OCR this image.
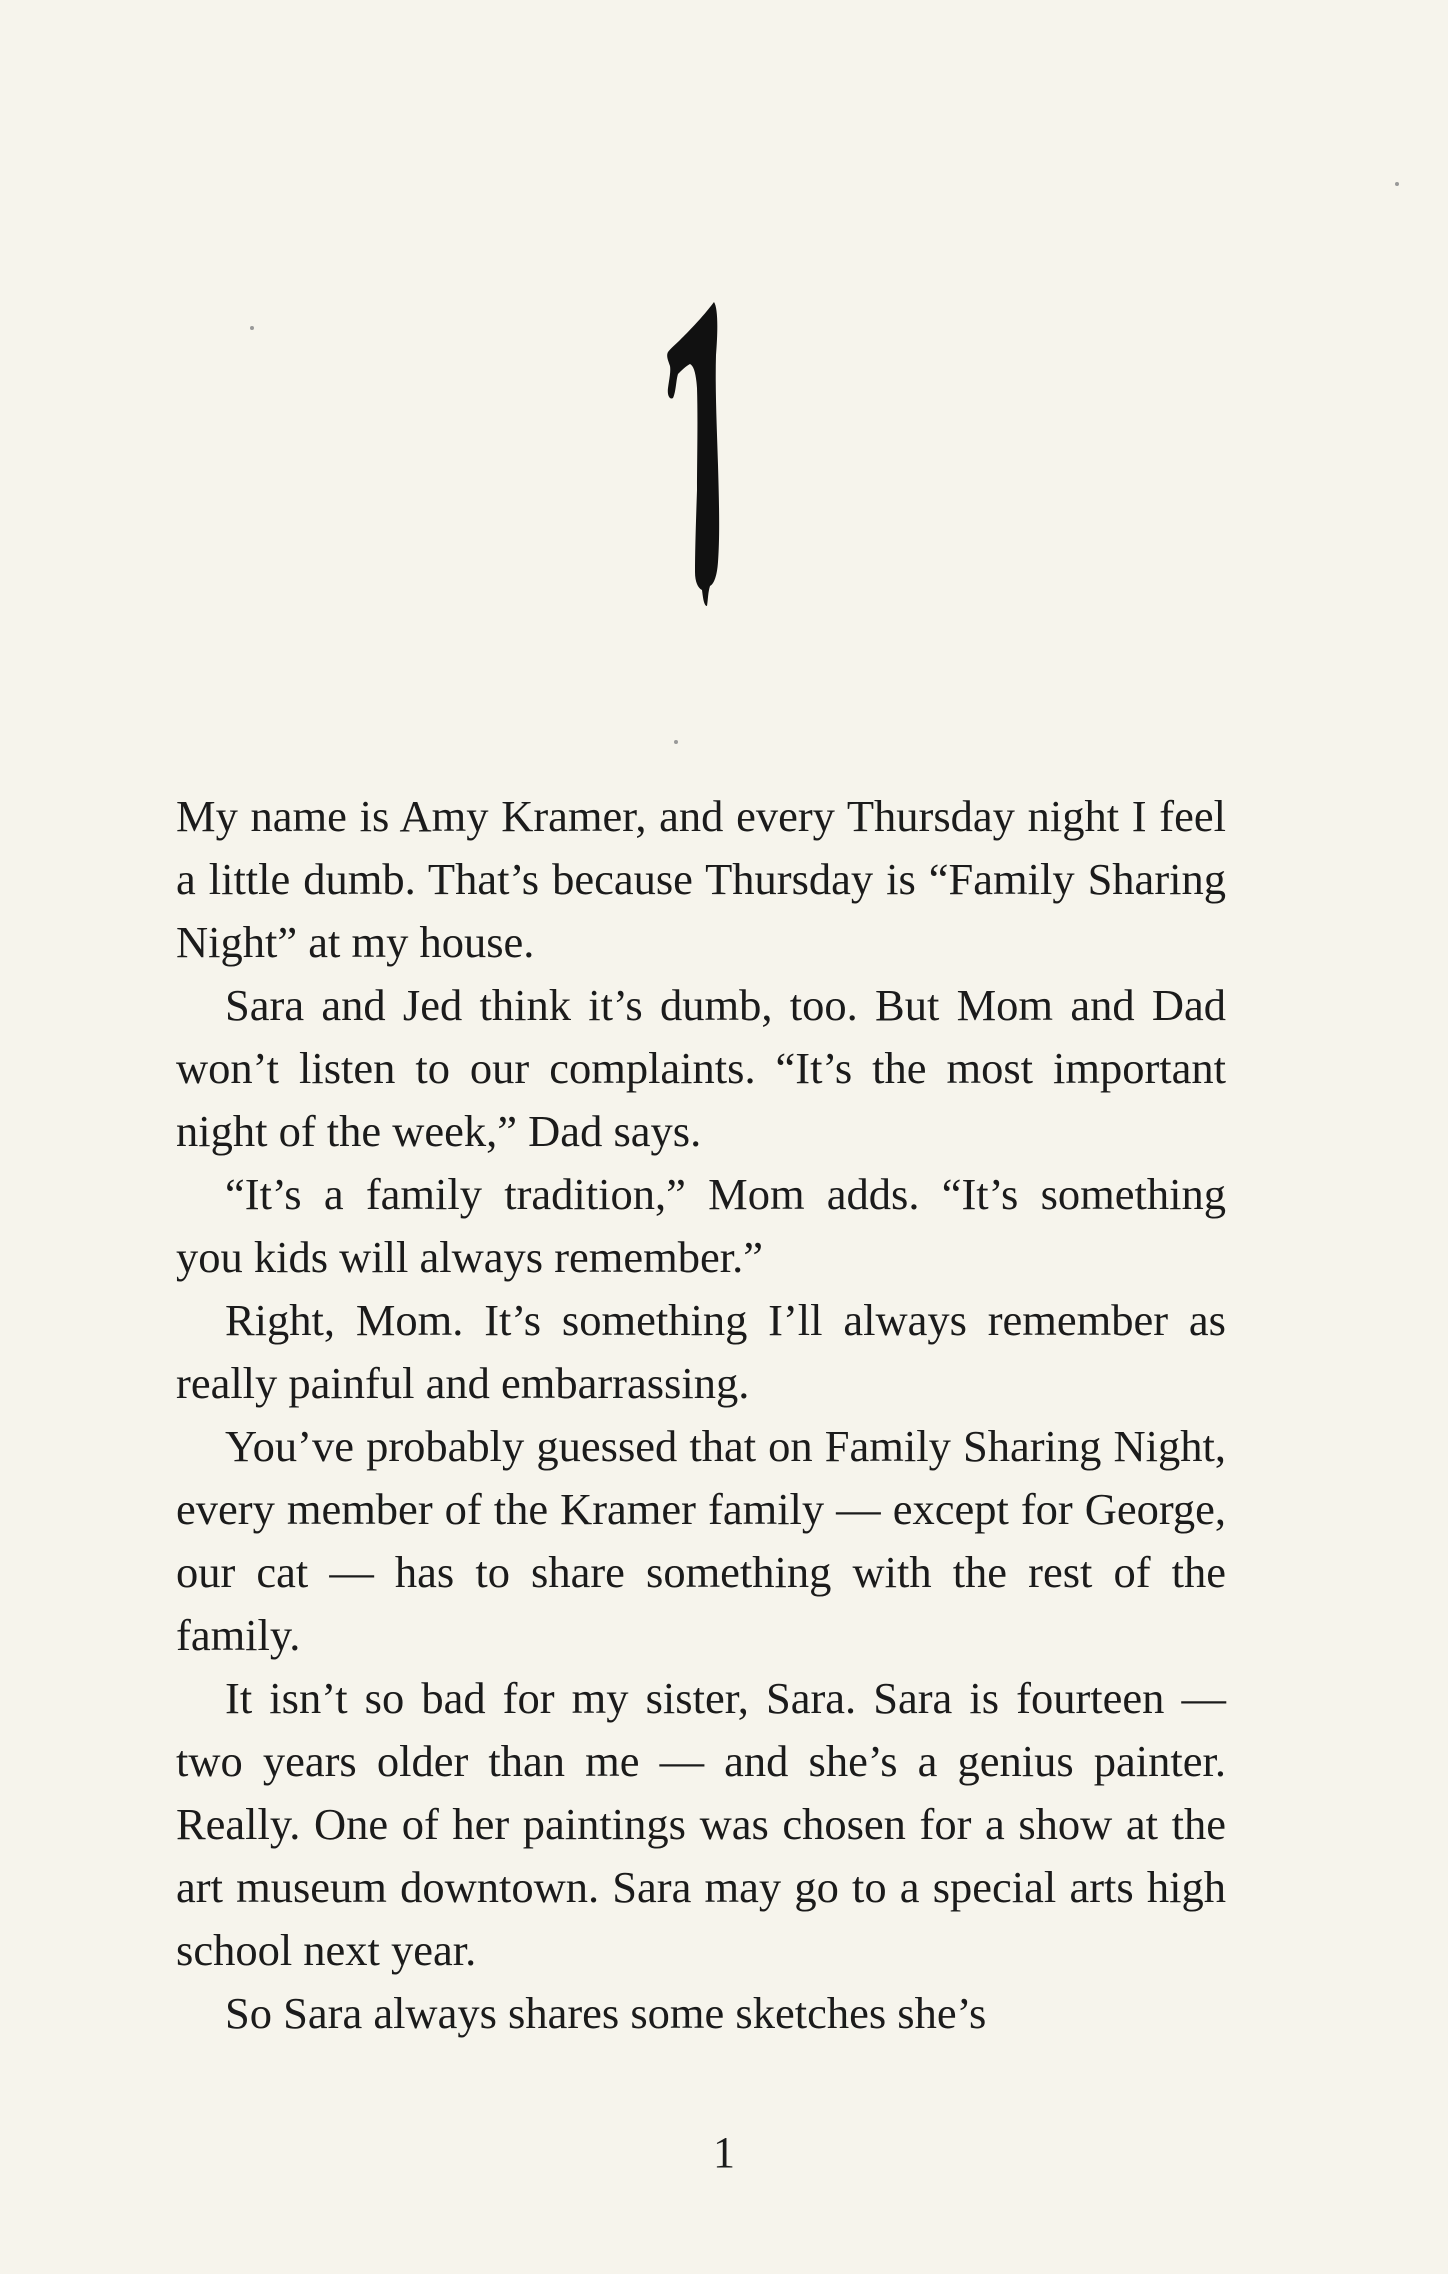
My name is Amy Kramer, and every Thursday night I feel a little dumb. That’s because Thursday is “Family Sharing Night” at my house.

Sara and Jed think it’s dumb, too. But Mom and Dad won’t listen to our complaints. “It’s the most important night of the week,” Dad says.

“It’s a family tradition,” Mom adds. “It’s something you kids will always remember.”

Right, Mom. It’s something I’ll always remember as really painful and embarrassing.

You’ve probably guessed that on Family Sharing Night, every member of the Kramer family — except for George, our cat — has to share something with the rest of the family.

It isn’t so bad for my sister, Sara. Sara is fourteen — two years older than me — and she’s a genius painter. Really. One of her paintings was chosen for a show at the art museum downtown. Sara may go to a special arts high school next year.

So Sara always shares some sketches she’s

1
